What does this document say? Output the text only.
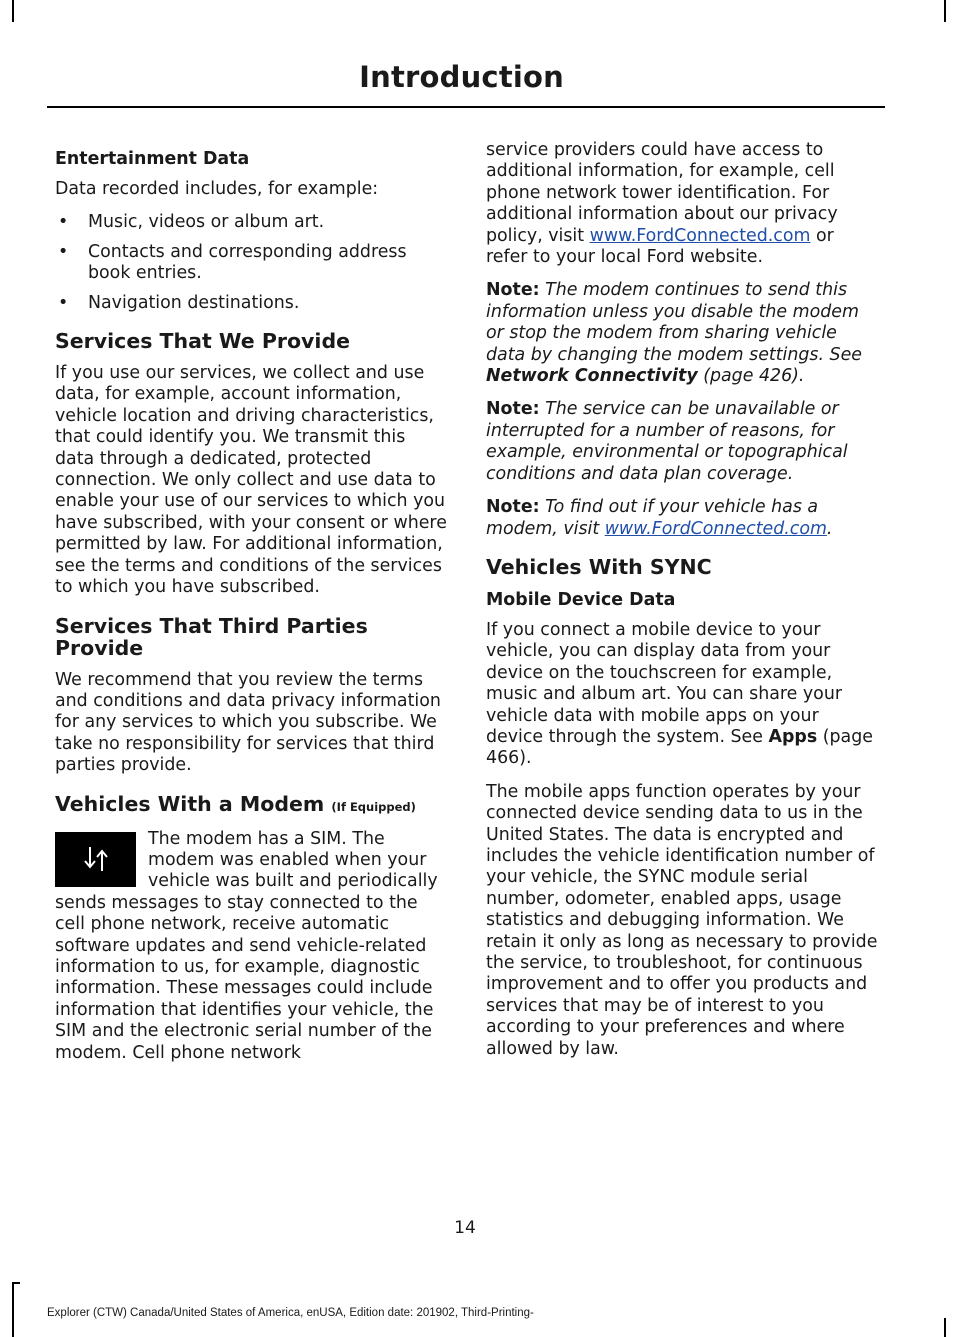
Introduction
Entertainment Data

Data recorded includes, for example:

• Music, videos or album art.
• Contacts and corresponding address book entries.
• Navigation destinations.
Services That We Provide

If you use our services, we collect and use data, for example, account information, vehicle location and driving characteristics, that could identify you. We transmit this data through a dedicated, protected connection. We only collect and use data to enable your use of our services to which you have subscribed, with your consent or where permitted by law. For additional information, see the terms and conditions of the services to which you have subscribed.

Services That Third Parties Provide

We recommend that you review the terms and conditions and data privacy information for any services to which you subscribe. We take no responsibility for services that third parties provide.

Vehicles With a Modem (If Equipped)

The modem has a SIM. The modem was enabled when your vehicle was built and periodically sends messages to stay connected to the cell phone network, receive automatic software updates and send vehicle-related information to us, for example, diagnostic information. These messages could include information that identifies your vehicle, the SIM and the electronic serial number of the modem. Cell phone network

service providers could have access to additional information, for example, cell phone network tower identification. For additional information about our privacy policy, visit www.FordConnected.com or refer to your local Ford website.

Note: The modem continues to send this information unless you disable the modem or stop the modem from sharing vehicle data by changing the modem settings. See Network Connectivity (page 426).

Note: The service can be unavailable or interrupted for a number of reasons, for example, environmental or topographical conditions and data plan coverage.

Note: To find out if your vehicle has a modem, visit www.FordConnected.com.

Vehicles With SYNC
Mobile Device Data

If you connect a mobile device to your vehicle, you can display data from your device on the touchscreen for example, music and album art. You can share your vehicle data with mobile apps on your device through the system. See Apps (page 466).

The mobile apps function operates by your connected device sending data to us in the United States. The data is encrypted and includes the vehicle identification number of your vehicle, the SYNC module serial number, odometer, enabled apps, usage statistics and debugging information. We retain it only as long as necessary to provide the service, to troubleshoot, for continuous improvement and to offer you products and services that may be of interest to you according to your preferences and where allowed by law.

14
Explorer (CTW) Canada/United States of America, enUSA, Edition date: 201902, Third-Printing-
